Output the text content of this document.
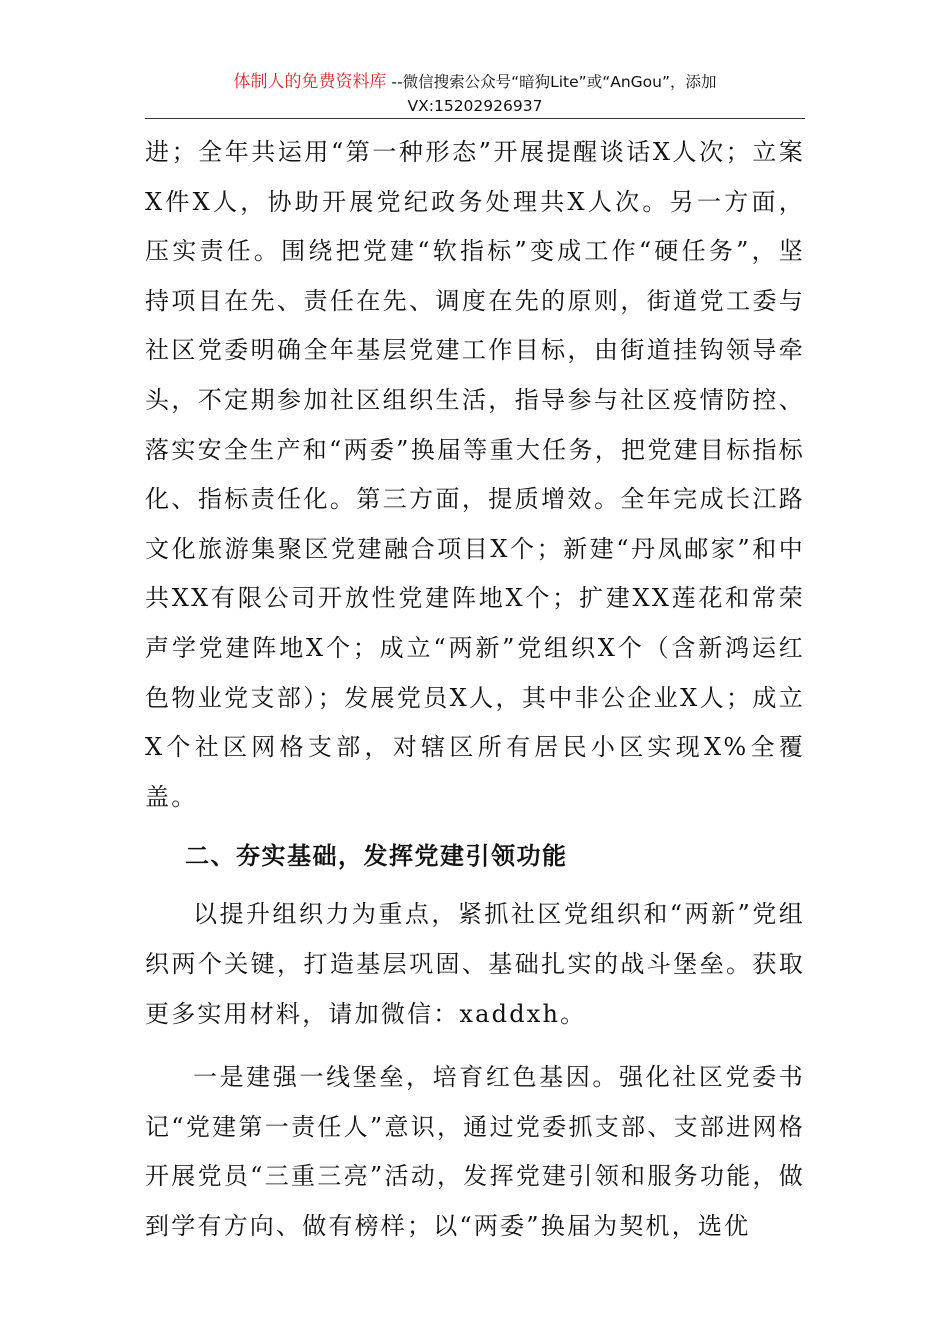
体制人的免费资料库 --微信搜索公众号“暗狗Lite”或“AnGou”，添加
VX:15202926937

进；全年共运用“第一种形态”开展提醒谈话X人次；立案X件X人，协助开展党纪政务处理共X人次。另一方面，压实责任。围绕把党建“软指标”变成工作“硬任务”，坚持项目在先、责任在先、调度在先的原则，街道党工委与社区党委明确全年基层党建工作目标，由街道挂钩领导牵头，不定期参加社区组织生活，指导参与社区疫情防控、落实安全生产和“两委”换届等重大任务，把党建目标指标化、指标责任化。第三方面，提质增效。全年完成长江路文化旅游集聚区党建融合项目X个；新建“丹凤邮家”和中共XX有限公司开放性党建阵地X个；扩建XX莲花和常荣声学党建阵地X个；成立“两新”党组织X个（含新鸿运红色物业党支部）；发展党员X人，其中非公企业X人；成立X个社区网格支部，对辖区所有居民小区实现X%全覆盖。

二、夯实基础，发挥党建引领功能

以提升组织力为重点，紧抓社区党组织和“两新”党组织两个关键，打造基层巩固、基础扎实的战斗堡垒。获取更多实用材料，请加微信：xaddxh。

一是建强一线堡垒，培育红色基因。强化社区党委书记“党建第一责任人”意识，通过党委抓支部、支部进网格开展党员“三重三亮”活动，发挥党建引领和服务功能，做到学有方向、做有榜样；以“两委”换届为契机，选优
